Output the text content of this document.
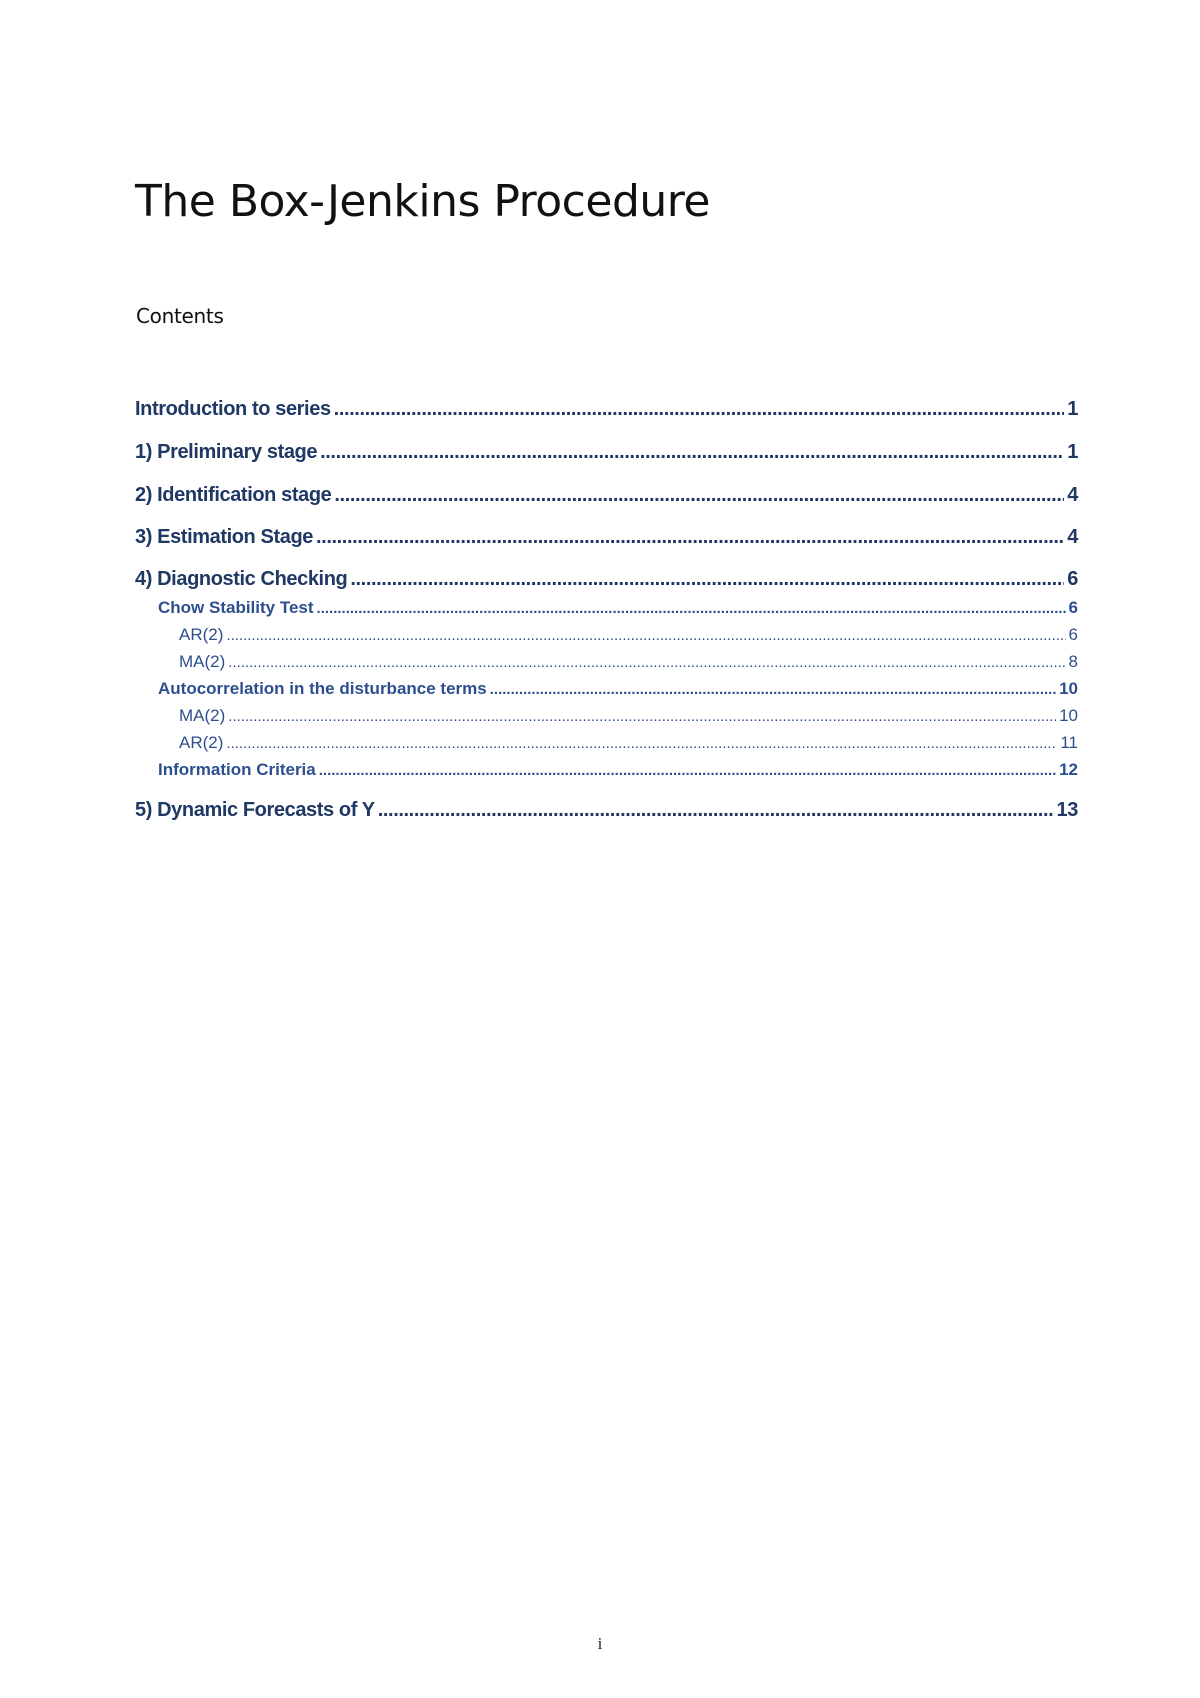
The Box-Jenkins Procedure
Contents
Introduction to series .....	1
1) Preliminary stage .....	1
2) Identification stage .....	4
3) Estimation Stage .....	4
4) Diagnostic Checking .....	6
Chow Stability Test .....	6
AR(2) .....	6
MA(2) .....	8
Autocorrelation in the disturbance terms .....	10
MA(2) .....	10
AR(2) .....	11
Information Criteria .....	12
5) Dynamic Forecasts of Y .....	13
i
